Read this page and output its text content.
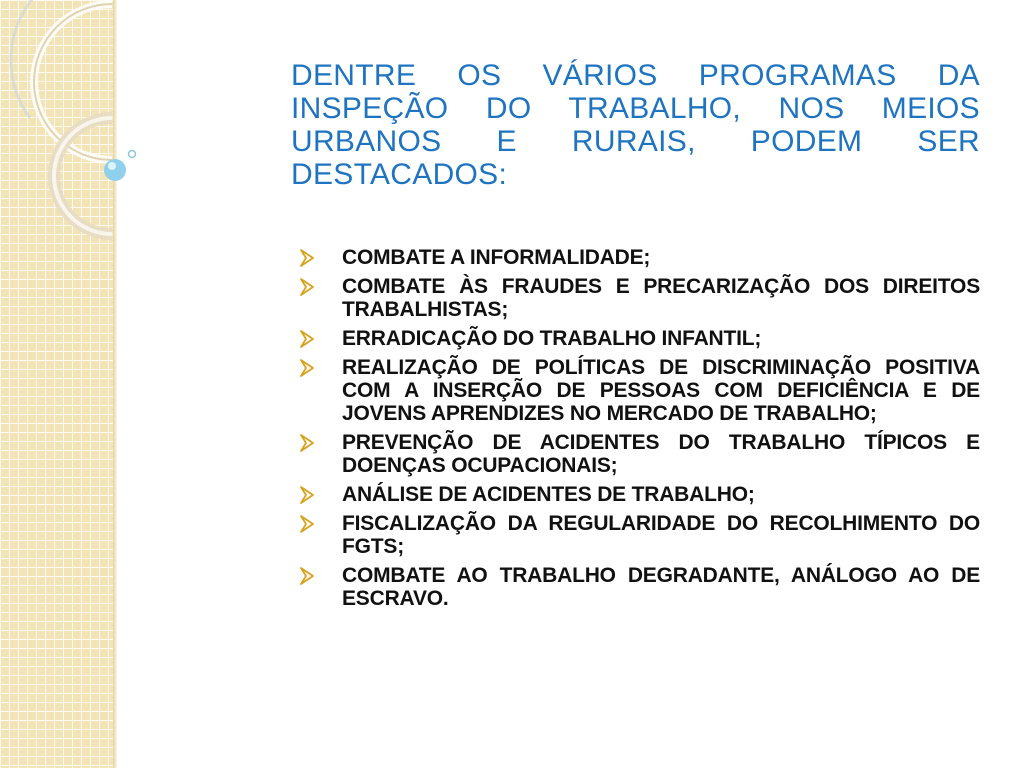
DENTRE OS VÁRIOS PROGRAMAS DA INSPEÇÃO DO TRABALHO, NOS MEIOS URBANOS E RURAIS, PODEM SER DESTACADOS:
COMBATE A INFORMALIDADE;
COMBATE ÀS FRAUDES E PRECARIZAÇÃO DOS DIREITOS TRABALHISTAS;
ERRADICAÇÃO DO TRABALHO INFANTIL;
REALIZAÇÃO DE POLÍTICAS DE DISCRIMINAÇÃO POSITIVA COM A INSERÇÃO DE PESSOAS COM DEFICIÊNCIA E DE JOVENS APRENDIZES NO MERCADO DE TRABALHO;
PREVENÇÃO DE ACIDENTES DO TRABALHO TÍPICOS E DOENÇAS OCUPACIONAIS;
ANÁLISE DE ACIDENTES DE TRABALHO;
FISCALIZAÇÃO DA REGULARIDADE DO RECOLHIMENTO DO FGTS;
COMBATE AO TRABALHO DEGRADANTE, ANÁLOGO AO DE ESCRAVO.
